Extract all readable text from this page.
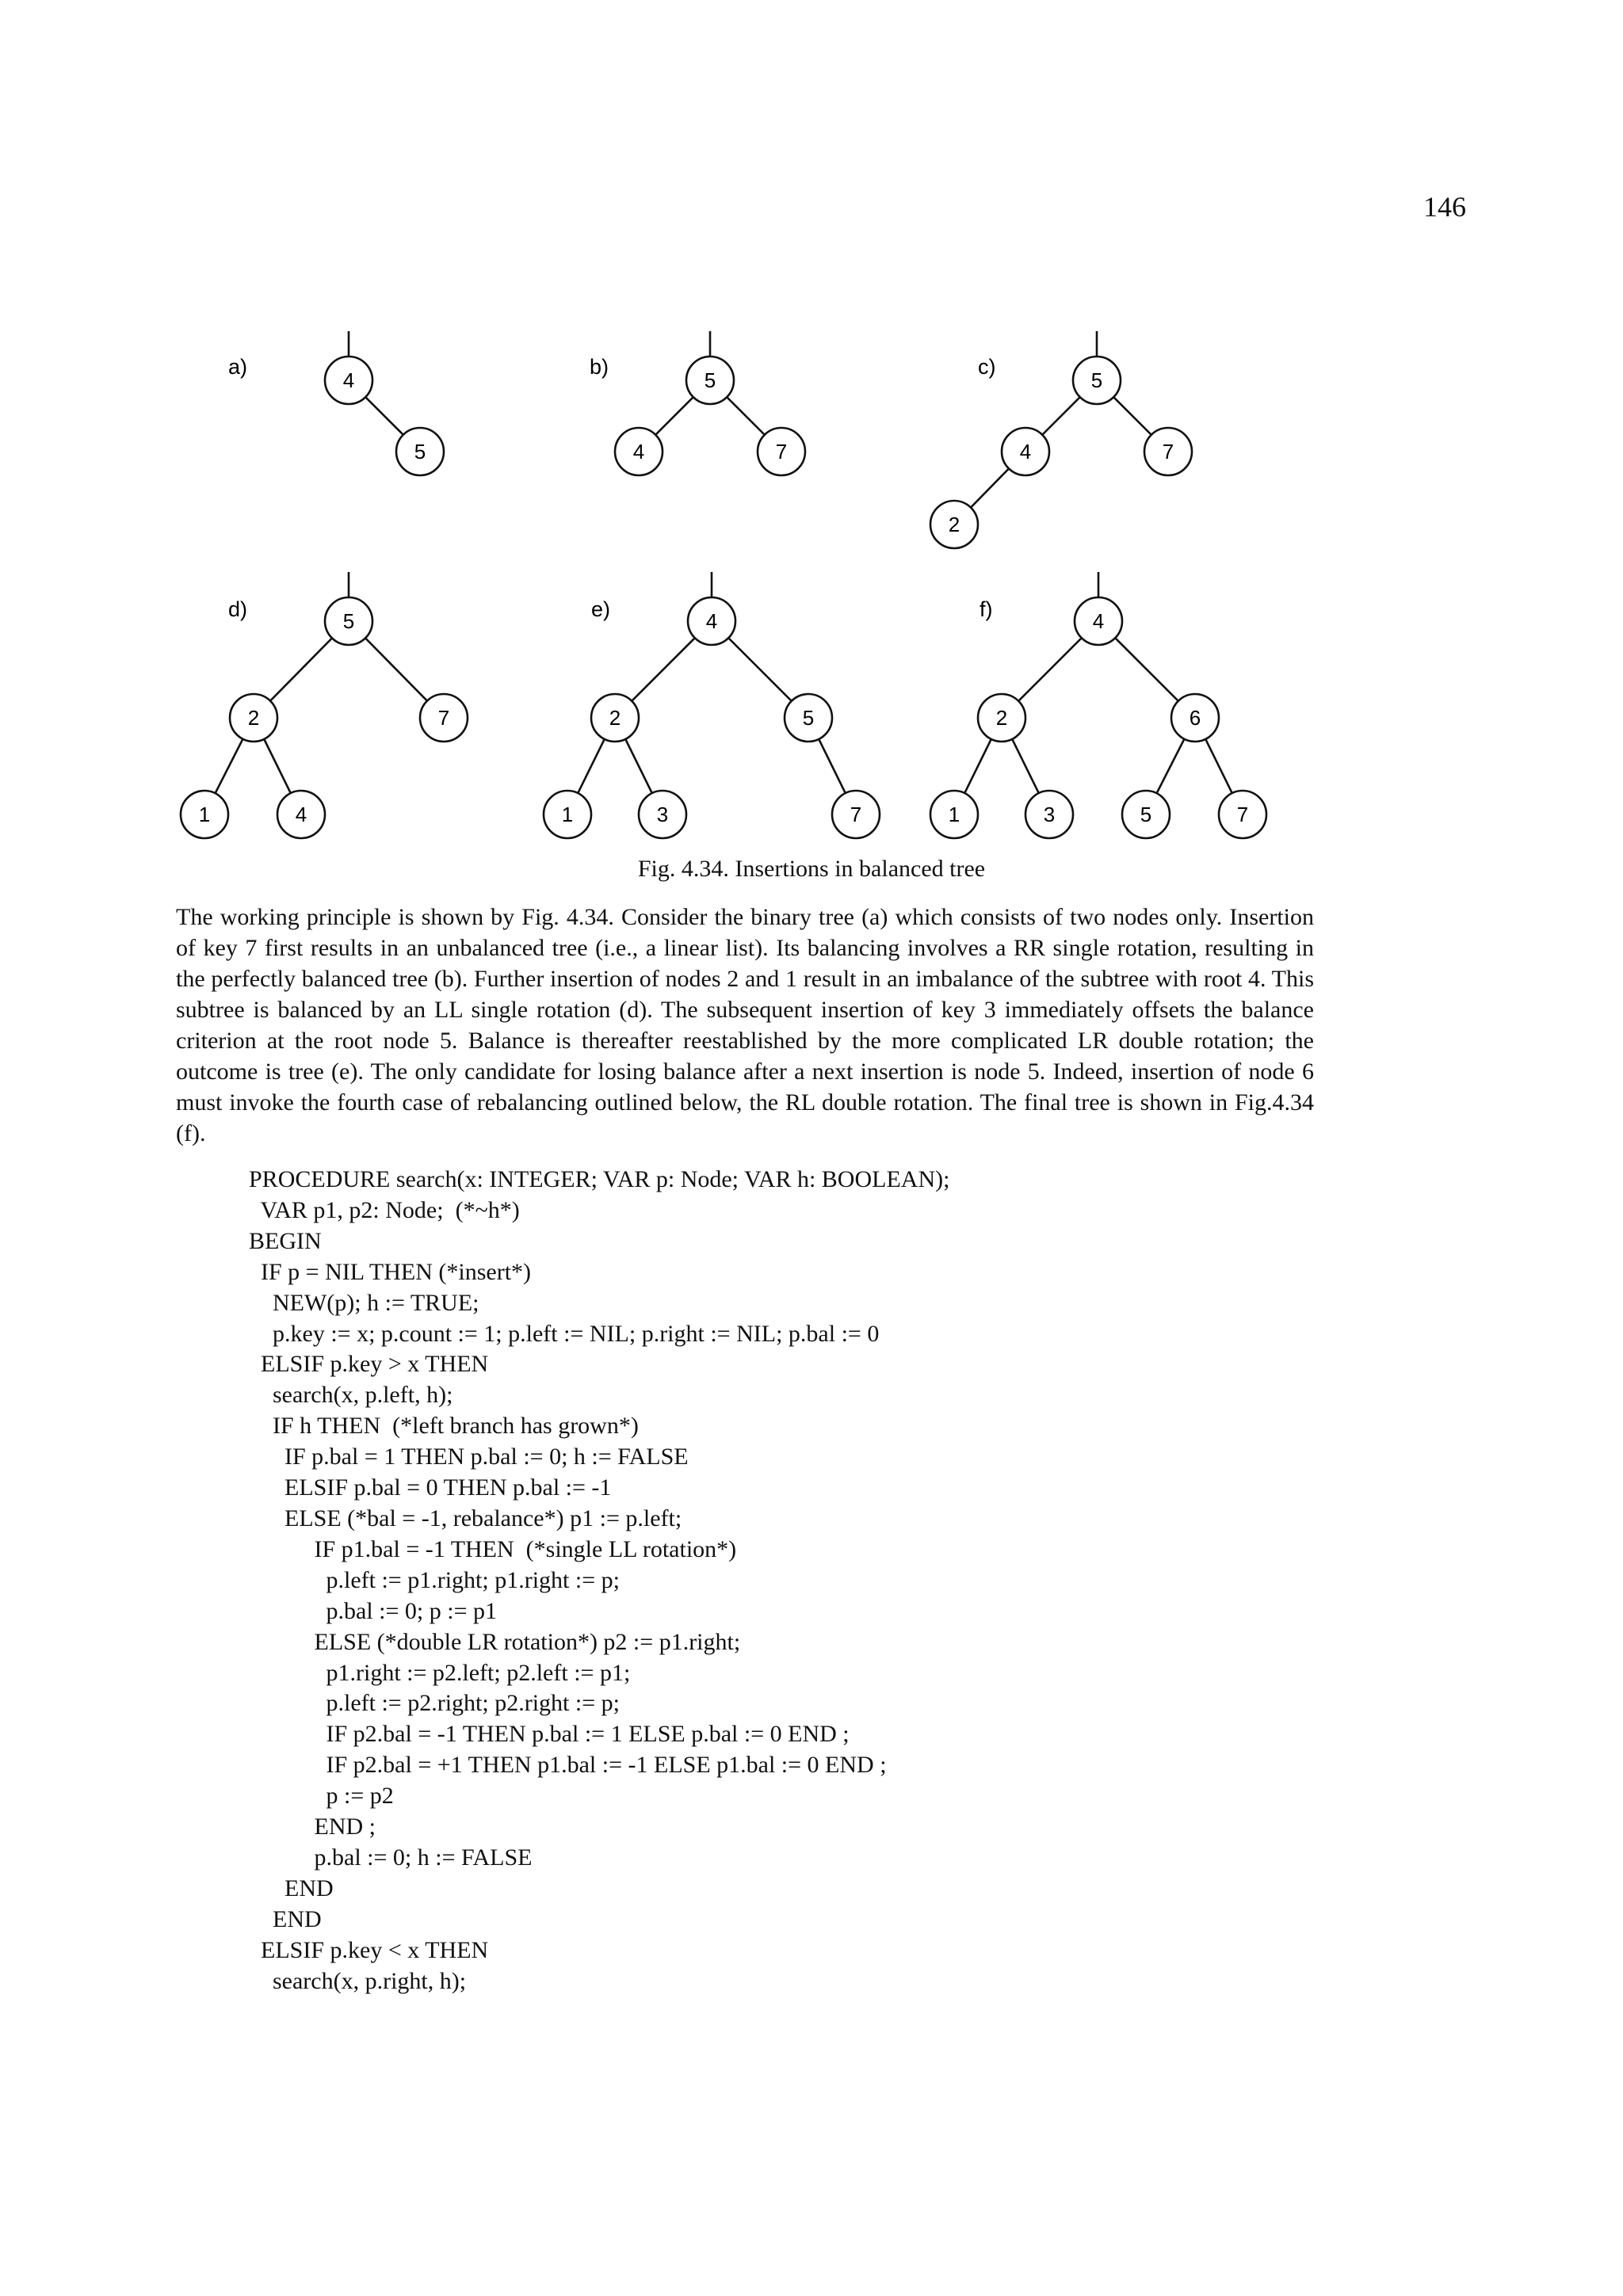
146
a)
4
5
b)
5
4	7
c)
5
4	7
2
d)	5
2	7
1	4
e)	4
2	5
1	3	7
f)	4
2	6
1	3	5	7
Fig. 4.34. Insertions in balanced tree

The working principle is shown by Fig. 4.34. Consider the binary tree (a) which consists of two nodes only. Insertion of key 7 first results in an unbalanced tree (i.e., a linear list). Its balancing involves a RR single rotation, resulting in the perfectly balanced tree (b). Further insertion of nodes 2 and 1 result in an imbalance of the subtree with root 4. This subtree is balanced by an LL single rotation (d). The subsequent insertion of key 3 immediately offsets the balance criterion at the root node 5. Balance is thereafter reestablished by the more complicated LR double rotation; the outcome is tree (e). The only candidate for losing balance after a next insertion is node 5. Indeed, insertion of node 6 must invoke the fourth case of rebalancing outlined below, the RL double rotation. The final tree is shown in Fig.4.34 (f).

PROCEDURE search(x: INTEGER; VAR p: Node; VAR h: BOOLEAN);
VAR p1, p2: Node;  (*~h*)
BEGIN
IF p = NIL THEN (*insert*)
NEW(p); h := TRUE;
p.key := x; p.count := 1; p.left := NIL; p.right := NIL; p.bal := 0
ELSIF p.key > x THEN
search(x, p.left, h);
IF h THEN  (*left branch has grown*)
IF p.bal = 1 THEN p.bal := 0; h := FALSE
ELSIF p.bal = 0 THEN p.bal := -1
ELSE (*bal = -1, rebalance*) p1 := p.left;
IF p1.bal = -1 THEN  (*single LL rotation*)
p.left := p1.right; p1.right := p;
p.bal := 0; p := p1
ELSE (*double LR rotation*) p2 := p1.right;
p1.right := p2.left; p2.left := p1;
p.left := p2.right; p2.right := p;
IF p2.bal = -1 THEN p.bal := 1 ELSE p.bal := 0 END ;
IF p2.bal = +1 THEN p1.bal := -1 ELSE p1.bal := 0 END ;
p := p2
END ;
p.bal := 0; h := FALSE
END
END
ELSIF p.key < x THEN
search(x, p.right, h);
